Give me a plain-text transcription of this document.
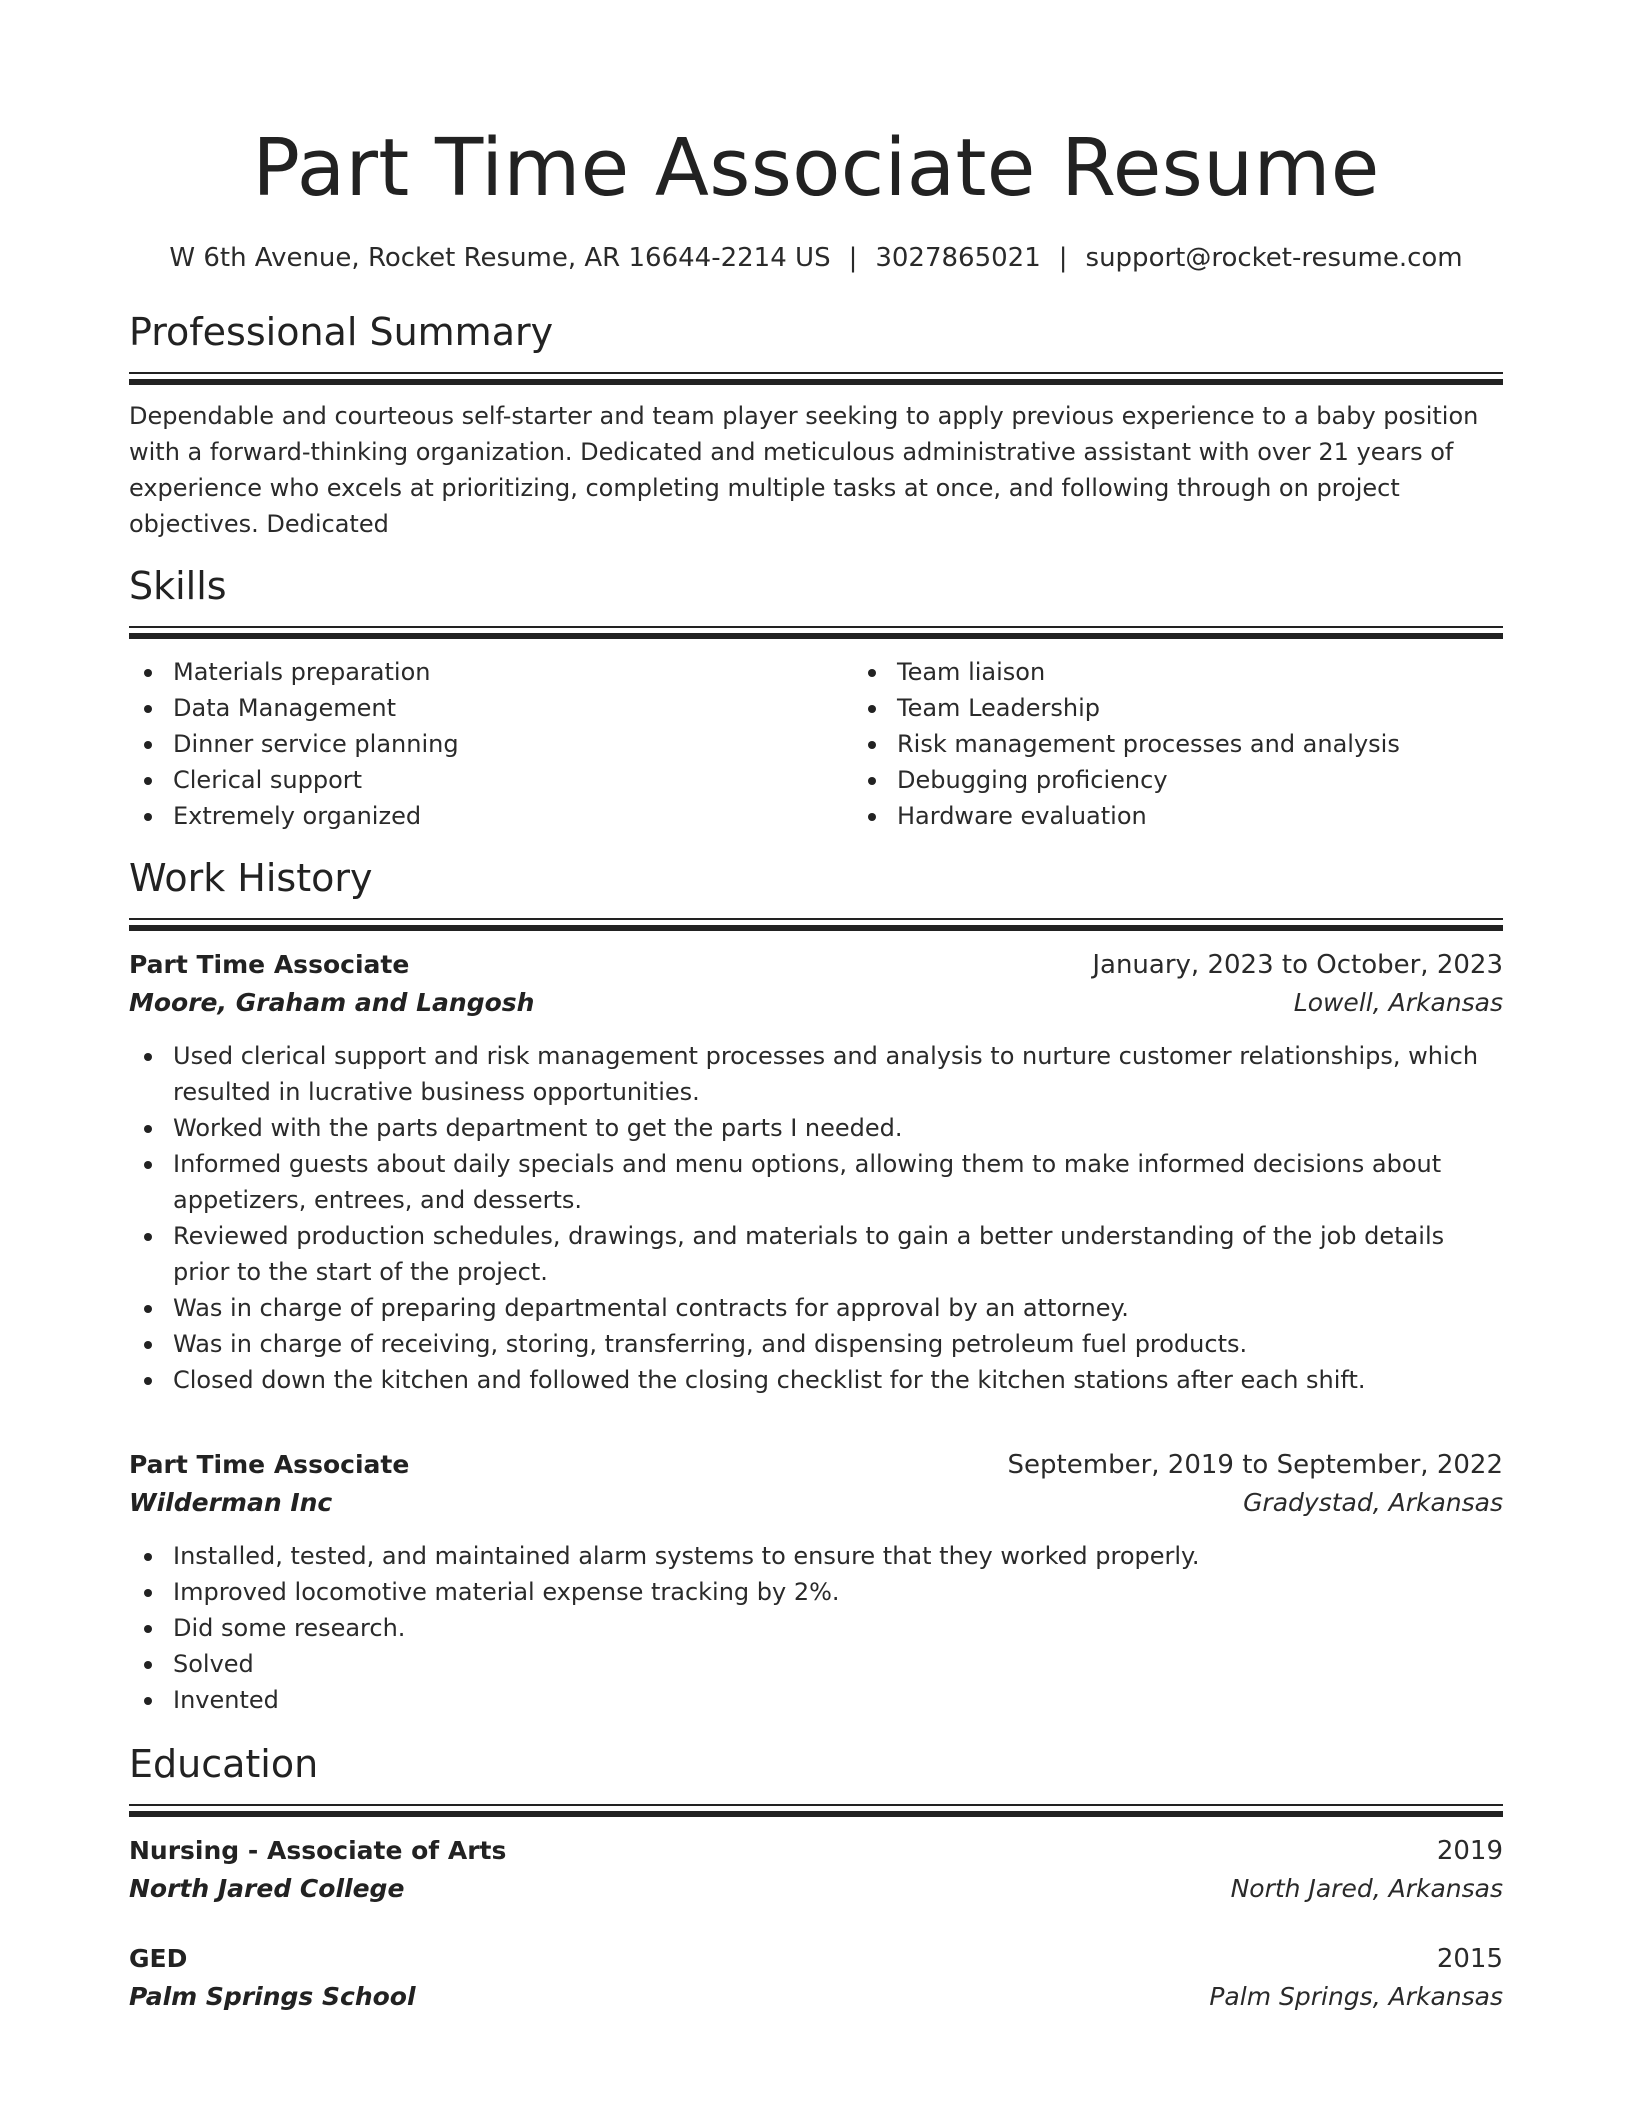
Part Time Associate Resume
W 6th Avenue, Rocket Resume, AR 16644-2214 US | 3027865021 | support@rocket-resume.com
Professional Summary

Dependable and courteous self-starter and team player seeking to apply previous experience to a baby position with a forward-thinking organization. Dedicated and meticulous administrative assistant with over 21 years of experience who excels at prioritizing, completing multiple tasks at once, and following through on project objectives. Dedicated

Skills
Materials preparation
Data Management
Dinner service planning
Clerical support
Extremely organized
Team liaison
Team Leadership
Risk management processes and analysis
Debugging proficiency
Hardware evaluation
Work History
Part Time Associate	January, 2023 to October, 2023
Moore, Graham and Langosh	Lowell, Arkansas
Used clerical support and risk management processes and analysis to nurture customer relationships, which resulted in lucrative business opportunities.
Worked with the parts department to get the parts I needed.
Informed guests about daily specials and menu options, allowing them to make informed decisions about appetizers, entrees, and desserts.
Reviewed production schedules, drawings, and materials to gain a better understanding of the job details prior to the start of the project.
Was in charge of preparing departmental contracts for approval by an attorney.
Was in charge of receiving, storing, transferring, and dispensing petroleum fuel products.
Closed down the kitchen and followed the closing checklist for the kitchen stations after each shift.
Part Time Associate	September, 2019 to September, 2022
Wilderman Inc	Gradystad, Arkansas
Installed, tested, and maintained alarm systems to ensure that they worked properly.
Improved locomotive material expense tracking by 2%.
Did some research.
Solved
Invented
Education
Nursing - Associate of Arts	2019
North Jared College	North Jared, Arkansas
GED	2015
Palm Springs School	Palm Springs, Arkansas
